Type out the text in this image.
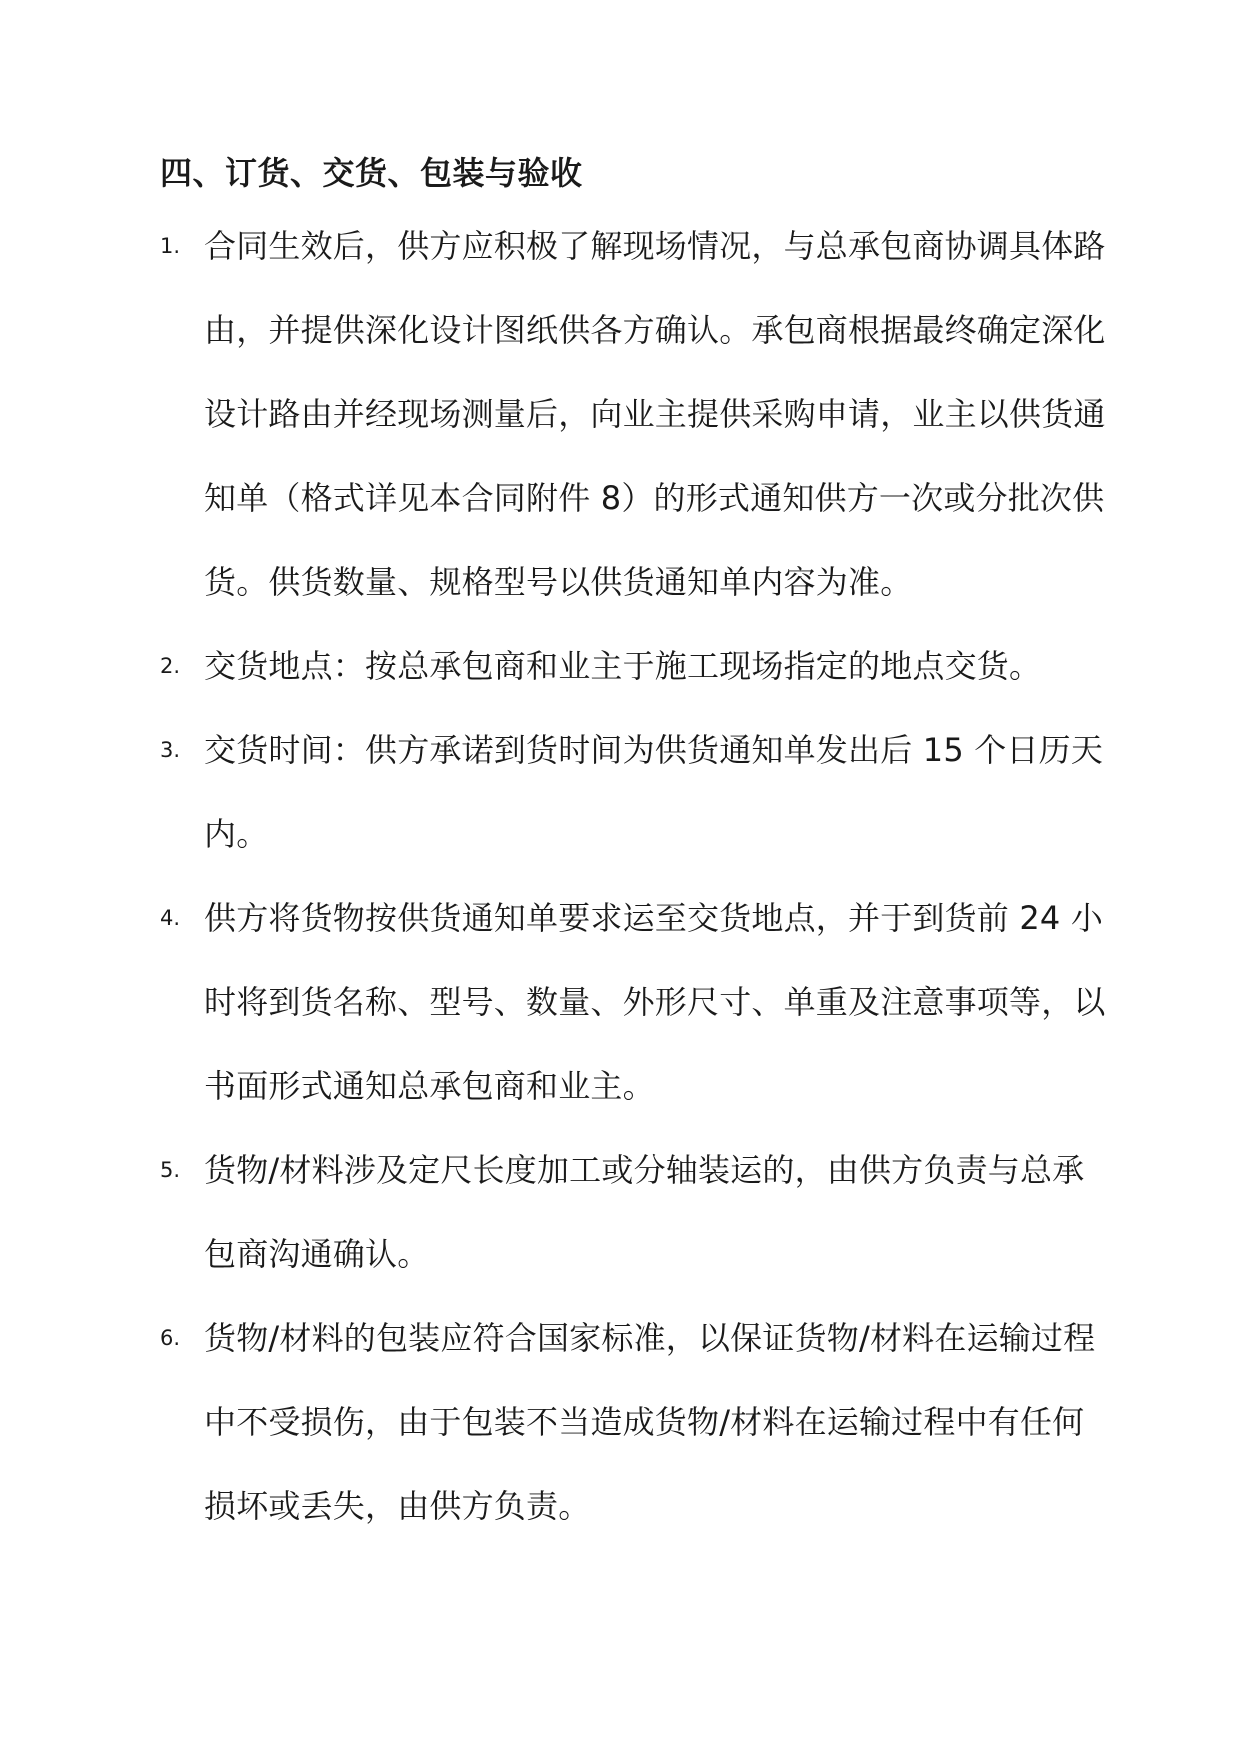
四、订货、交货、包装与验收
1. 合同生效后，供方应积极了解现场情况，与总承包商协调具体路
由，并提供深化设计图纸供各方确认。承包商根据最终确定深化
设计路由并经现场测量后，向业主提供采购申请，业主以供货通
知单（格式详见本合同附件 8）的形式通知供方一次或分批次供
货。供货数量、规格型号以供货通知单内容为准。
2. 交货地点：按总承包商和业主于施工现场指定的地点交货。
3. 交货时间：供方承诺到货时间为供货通知单发出后 15 个日历天
内。
4. 供方将货物按供货通知单要求运至交货地点，并于到货前 24 小
时将到货名称、型号、数量、外形尺寸、单重及注意事项等，以
书面形式通知总承包商和业主。
5. 货物/材料涉及定尺长度加工或分轴装运的，由供方负责与总承
包商沟通确认。
6. 货物/材料的包装应符合国家标准，以保证货物/材料在运输过程
中不受损伤，由于包装不当造成货物/材料在运输过程中有任何
损坏或丢失，由供方负责。
